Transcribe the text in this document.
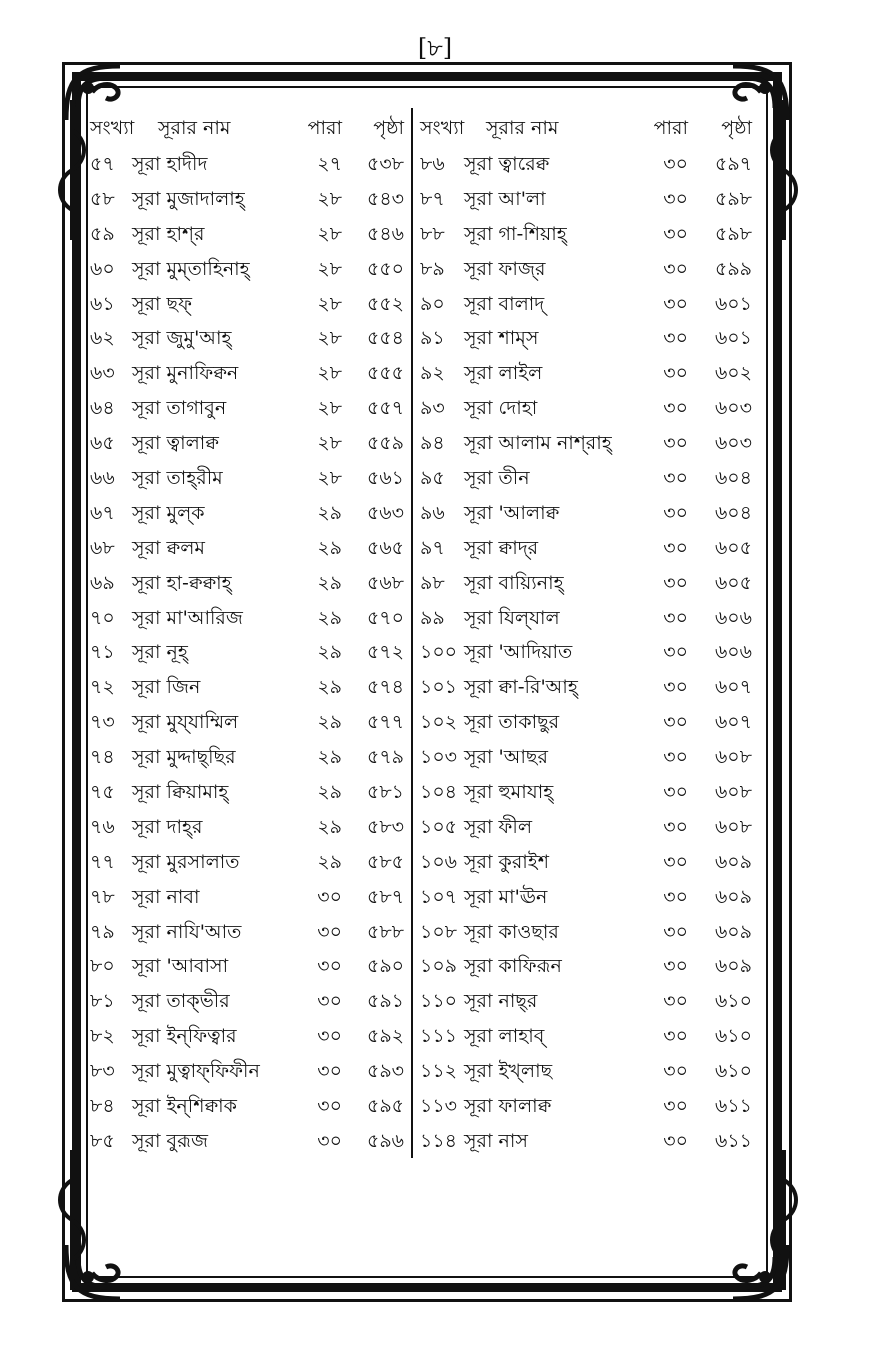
[৮]
সংখ্যা সূরার নাম	পারা পৃষ্ঠা
৫৭ সূরা হাদীদ	২৭ ৫৩৮
৫৮ সূরা মুজাদালাহ্	২৮ ৫৪৩
৫৯ সূরা হাশ্‌র	২৮ ৫৪৬
৬০ সূরা মুম্‌তাহিনাহ্	২৮ ৫৫০
৬১ সূরা ছফ্	২৮ ৫৫২
৬২ সূরা জুমু'আহ্	২৮ ৫৫৪
৬৩ সূরা মুনাফিক্বন	২৮ ৫৫৫
৬৪ সূরা তাগাবুন	২৮ ৫৫৭
৬৫ সূরা ত্বালাক্ব	২৮ ৫৫৯
৬৬ সূরা তাহ্‌রীম	২৮ ৫৬১
৬৭ সূরা মুল্‌ক	২৯ ৫৬৩
৬৮ সূরা ক্বলম	২৯ ৫৬৫
৬৯ সূরা হা-ক্বক্বাহ্	২৯ ৫৬৮
৭০ সূরা মা'আরিজ	২৯ ৫৭০
৭১ সূরা নূহ্	২৯ ৫৭২
৭২ সূরা জিন	২৯ ৫৭৪
৭৩ সূরা মুয্‌যাম্মিল	২৯ ৫৭৭
৭৪ সূরা মুদ্দাছ্‌ছির	২৯ ৫৭৯
৭৫ সূরা ক্বিয়ামাহ্	২৯ ৫৮১
৭৬ সূরা দাহ্‌র	২৯ ৫৮৩
৭৭ সূরা মুরসালাত	২৯ ৫৮৫
৭৮ সূরা নাবা	৩০ ৫৮৭
৭৯ সূরা নাযি'আত	৩০ ৫৮৮
৮০ সূরা 'আবাসা	৩০ ৫৯০
৮১ সূরা তাক্‌ভীর	৩০ ৫৯১
৮২ সূরা ইন্‌ফিত্বার	৩০ ৫৯২
৮৩ সূরা মুত্বাফ্‌ফিফীন	৩০ ৫৯৩
৮৪ সূরা ইন্‌শিক্বাক	৩০ ৫৯৫
৮৫ সূরা বুরূজ	৩০ ৫৯৬
সংখ্যা সূরার নাম	পারা পৃষ্ঠা
৮৬ সূরা ত্বারেক্ব	৩০ ৫৯৭
৮৭ সূরা আ'লা	৩০ ৫৯৮
৮৮ সূরা গা-শিয়াহ্	৩০ ৫৯৮
৮৯ সূরা ফাজ্‌র	৩০ ৫৯৯
৯০ সূরা বালাদ্	৩০ ৬০১
৯১ সূরা শাম্‌স	৩০ ৬০১
৯২ সূরা লাইল	৩০ ৬০২
৯৩ সূরা দোহা	৩০ ৬০৩
৯৪ সূরা আলাম নাশ্‌রাহ্	৩০ ৬০৩
৯৫ সূরা তীন	৩০ ৬০৪
৯৬ সূরা 'আলাক্ব	৩০ ৬০৪
৯৭ সূরা ক্বাদ্‌র	৩০ ৬০৫
৯৮ সূরা বায়্যিনাহ্	৩০ ৬০৫
৯৯ সূরা যিল্‌যাল	৩০ ৬০৬
১০০ সূরা 'আদিয়াত	৩০ ৬০৬
১০১ সূরা ক্বা-রি'আহ্	৩০ ৬০৭
১০২ সূরা তাকাছুর	৩০ ৬০৭
১০৩ সূরা 'আছর	৩০ ৬০৮
১০৪ সূরা হুমাযাহ্	৩০ ৬০৮
১০৫ সূরা ফীল	৩০ ৬০৮
১০৬ সূরা কুরাইশ	৩০ ৬০৯
১০৭ সূরা মা'ঊন	৩০ ৬০৯
১০৮ সূরা কাওছার	৩০ ৬০৯
১০৯ সূরা কাফিরূন	৩০ ৬০৯
১১০ সূরা নাছ্‌র	৩০ ৬১০
১১১ সূরা লাহাব্	৩০ ৬১০
১১২ সূরা ইখ্‌লাছ	৩০ ৬১০
১১৩ সূরা ফালাক্ব	৩০ ৬১১
১১৪ সূরা নাস	৩০ ৬১১
